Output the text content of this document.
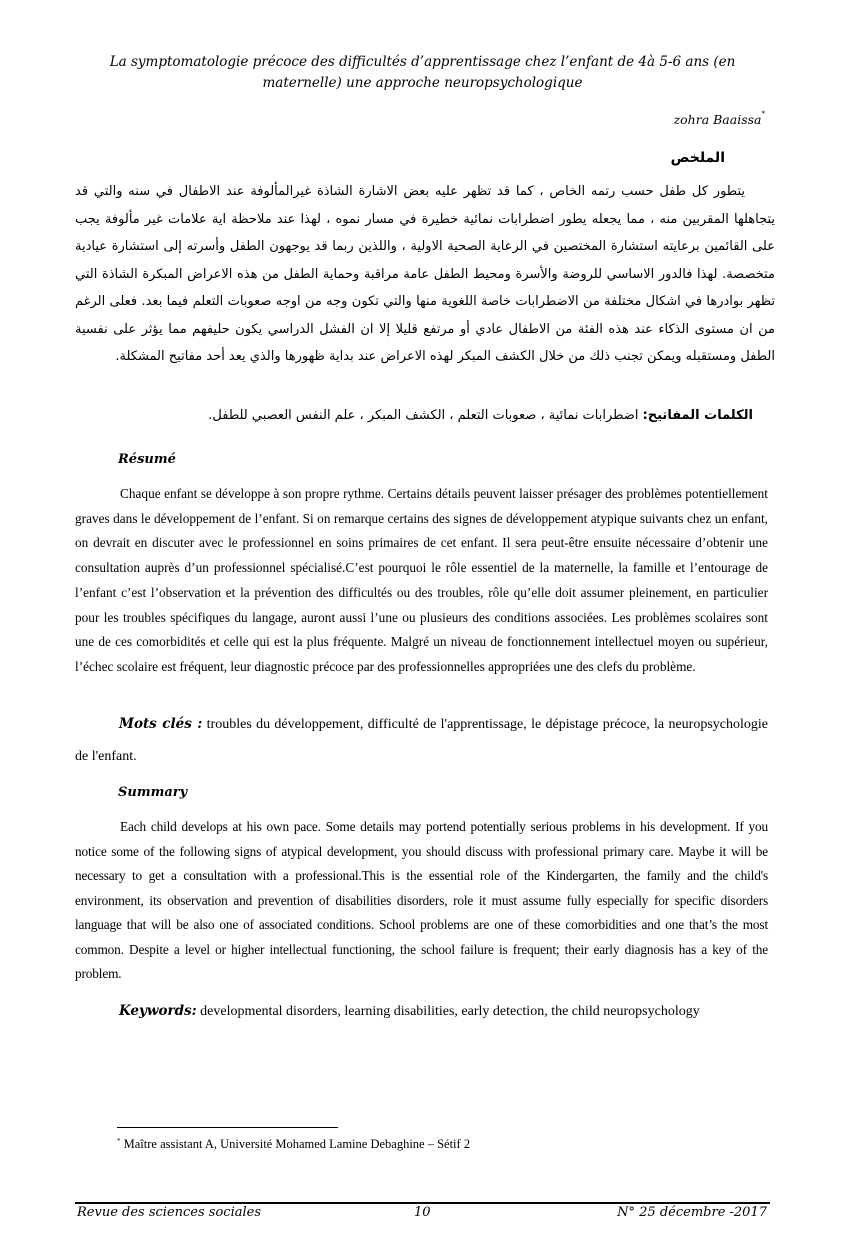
La symptomatologie précoce des difficultés d’apprentissage chez l’enfant de 4à 5-6 ans (en maternelle) une approche neuropsychologique
zohra Baaissa*
الملخص
يتطور كل طفل حسب رتمه الخاص ، كما قد تظهر عليه بعض الاشارة الشاذة غيرالمألوفة عند الاطفال في سنه والتي قد يتجاهلها المقربين منه ، مما يجعله يطور اضطرابات نمائية خطيرة في مسار نموه ، لهذا عند ملاحظة اية علامات غير مألوفة يجب على القائمين برعايته استشارة المختصين في الرعاية الصحية الاولية ، واللذين ربما قد يوجهون الطفل وأسرته إلى استشارة عيادية متخصصة. لهذا فالدور الاساسي للروضة والأسرة ومحيط الطفل عامة مراقبة وحماية الطفل من هذه الاعراض المبكرة الشاذة التي تظهر بوادرها في اشكال مختلفة من الاضطرابات خاصة اللغوية منها والتي تكون وجه من اوجه صعوبات التعلم فيما بعد. فعلى الرغم من ان مستوى الذكاء عند هذه الفئة من الاطفال عادي أو مرتفع قليلا إلا ان الفشل الدراسي يكون حليفهم مما يؤثر على نفسية الطفل ومستقبله ويمكن تجنب ذلك من خلال الكشف المبكر لهذه الاعراض عند بداية ظهورها والذي يعد أحد مفاتيح المشكلة.
الكلمات المفاتيح: اضطرابات نمائية ، صعوبات التعلم ، الكشف المبكر ، علم النفس العصبي للطفل.
Résumé
Chaque enfant se développe à son propre rythme. Certains détails peuvent laisser présager des problèmes potentiellement graves dans le développement de l’enfant. Si on remarque certains des signes de développement atypique suivants chez un enfant, on devrait en discuter avec le professionnel en soins primaires de cet enfant. Il sera peut-être ensuite nécessaire d’obtenir une consultation auprès d’un professionnel spécialisé.C’est pourquoi le rôle essentiel de la maternelle, la famille et l’entourage de l’enfant c’est l’observation et la prévention des difficultés ou des troubles, rôle qu’elle doit assumer pleinement, en particulier pour les troubles spécifiques du langage, auront aussi l’une ou plusieurs des conditions associées. Les problèmes scolaires sont une de ces comorbidités et celle qui est la plus fréquente. Malgré un niveau de fonctionnement intellectuel moyen ou supérieur, l’échec scolaire est fréquent, leur diagnostic précoce par des professionnelles appropriées une des clefs du problème.
Mots clés : troubles du développement, difficulté de l'apprentissage, le dépistage précoce, la neuropsychologie de l'enfant.
Summary
Each child develops at his own pace. Some details may portend potentially serious problems in his development. If you notice some of the following signs of atypical development, you should discuss with professional primary care. Maybe it will be necessary to get a consultation with a professional.This is the essential role of the Kindergarten, the family and the child's environment, its observation and prevention of disabilities disorders, role it must assume fully especially for specific disorders language that will be also one of associated conditions. School problems are one of these comorbidities and one that’s the most common. Despite a level or higher intellectual functioning, the school failure is frequent; their early diagnosis has a key of the problem.
Keywords: developmental disorders, learning disabilities, early detection, the child neuropsychology
* Maître assistant A, Université Mohamed Lamine Debaghine – Sétif 2
Revue des sciences sociales	10	N° 25 décembre -2017
